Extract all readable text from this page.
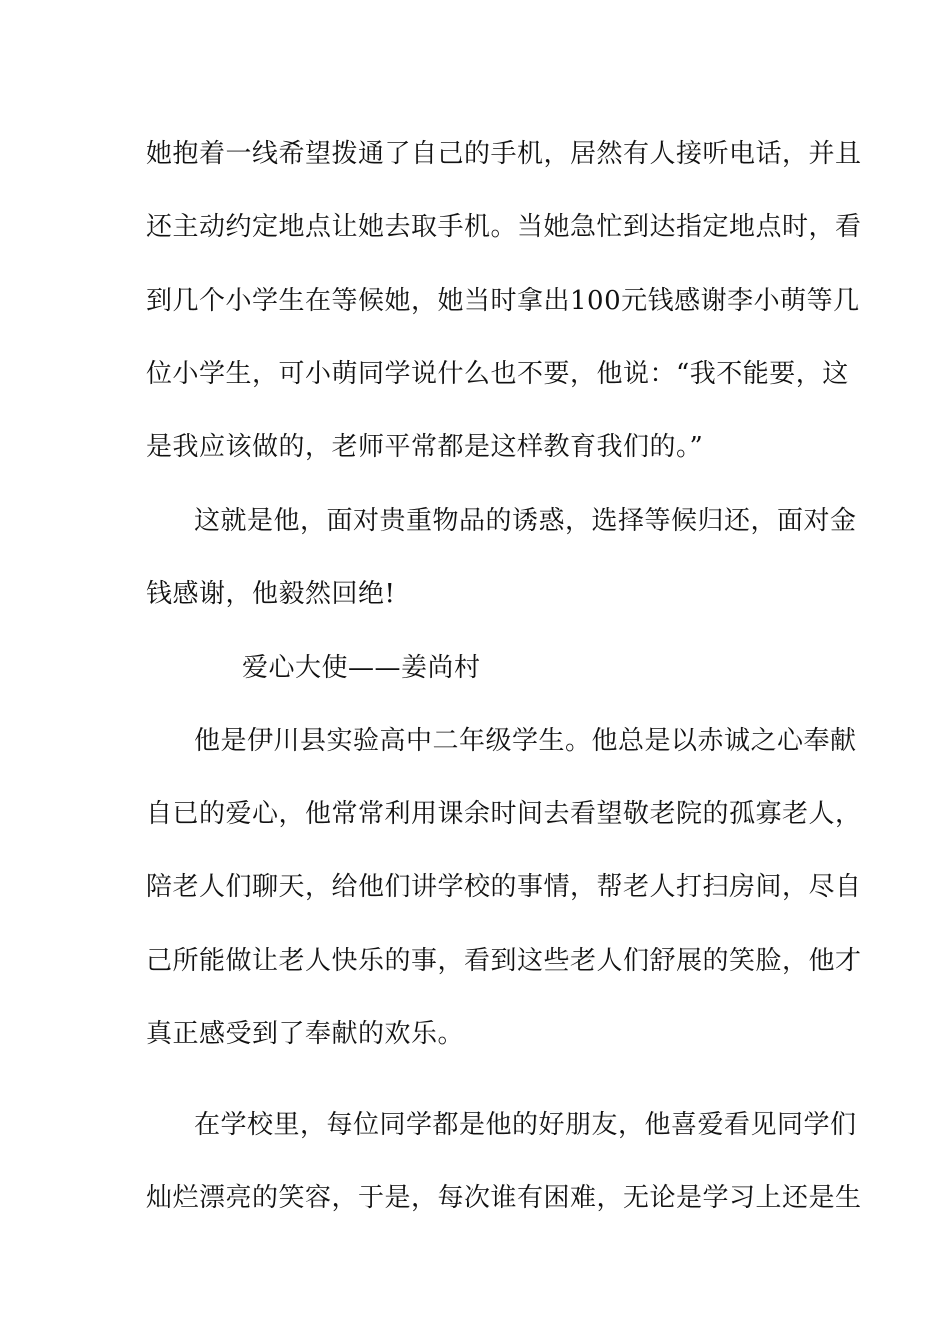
她抱着一线希望拨通了自己的手机，居然有人接听电话，并且
还主动约定地点让她去取手机。当她急忙到达指定地点时，看
到几个小学生在等候她，她当时拿出100元钱感谢李小萌等几
位小学生，可小萌同学说什么也不要，他说：“我不能要，这
是我应该做的，老师平常都是这样教育我们的。”
这就是他，面对贵重物品的诱惑，选择等候归还，面对金
钱感谢，他毅然回绝!
爱心大使——姜尚村
他是伊川县实验高中二年级学生。他总是以赤诚之心奉献
自已的爱心，他常常利用课余时间去看望敬老院的孤寡老人，
陪老人们聊天，给他们讲学校的事情，帮老人打扫房间，尽自
己所能做让老人快乐的事，看到这些老人们舒展的笑脸，他才
真正感受到了奉献的欢乐。
在学校里，每位同学都是他的好朋友，他喜爱看见同学们
灿烂漂亮的笑容，于是，每次谁有困难，无论是学习上还是生
